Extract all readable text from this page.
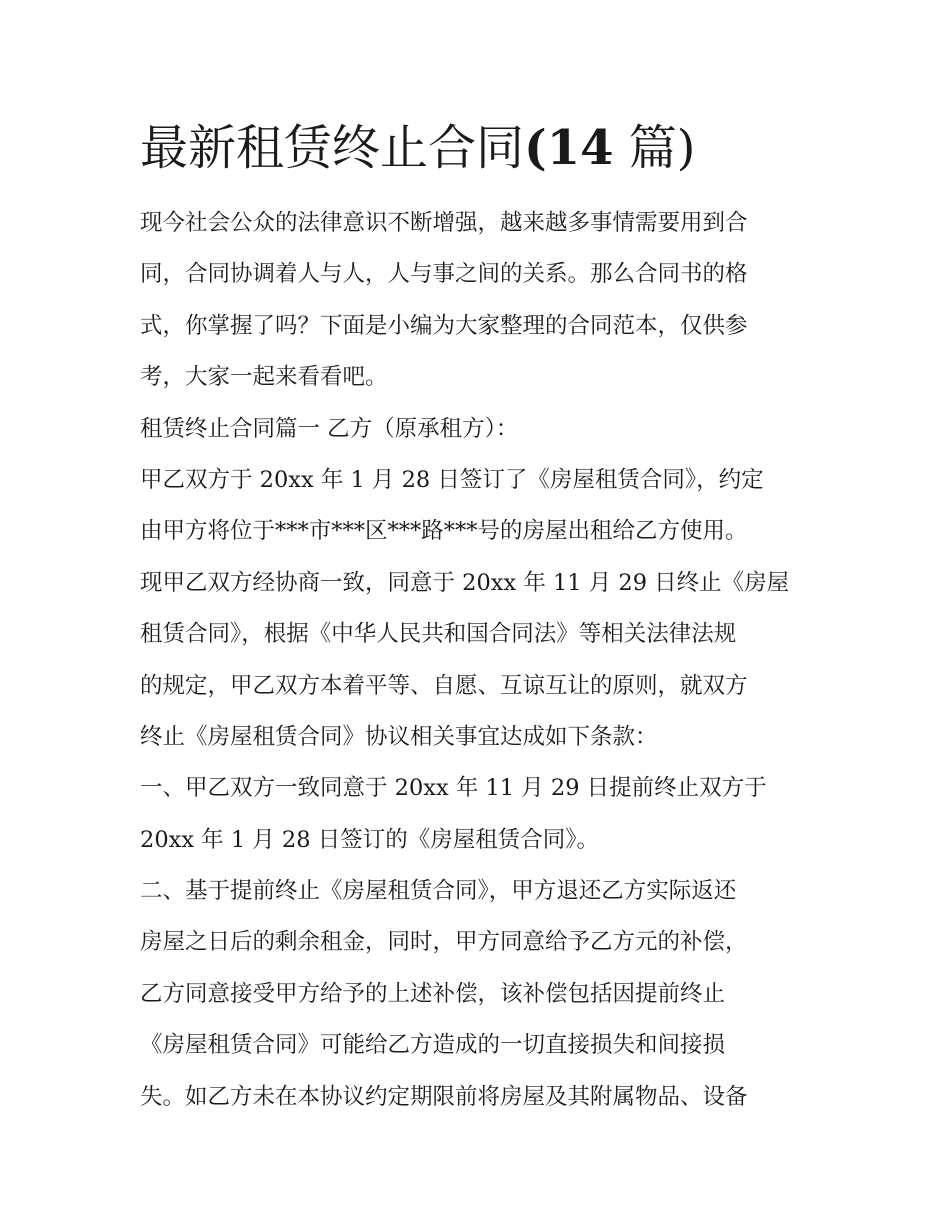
最新租赁终止合同(14 篇)
现今社会公众的法律意识不断增强，越来越多事情需要用到合
同，合同协调着人与人，人与事之间的关系。那么合同书的格
式，你掌握了吗？下面是小编为大家整理的合同范本，仅供参
考，大家一起来看看吧。
租赁终止合同篇一 乙方（原承租方）：
甲乙双方于 20xx 年 1 月 28 日签订了《房屋租赁合同》，约定
由甲方将位于***市***区***路***号的房屋出租给乙方使用。
现甲乙双方经协商一致，同意于 20xx 年 11 月 29 日终止《房屋
租赁合同》，根据《中华人民共和国合同法》等相关法律法规
的规定，甲乙双方本着平等、自愿、互谅互让的原则，就双方
终止《房屋租赁合同》协议相关事宜达成如下条款：
一、甲乙双方一致同意于 20xx 年 11 月 29 日提前终止双方于
20xx 年 1 月 28 日签订的《房屋租赁合同》。
二、基于提前终止《房屋租赁合同》，甲方退还乙方实际返还
房屋之日后的剩余租金，同时，甲方同意给予乙方元的补偿，
乙方同意接受甲方给予的上述补偿，该补偿包括因提前终止
《房屋租赁合同》可能给乙方造成的一切直接损失和间接损
失。如乙方未在本协议约定期限前将房屋及其附属物品、设备
